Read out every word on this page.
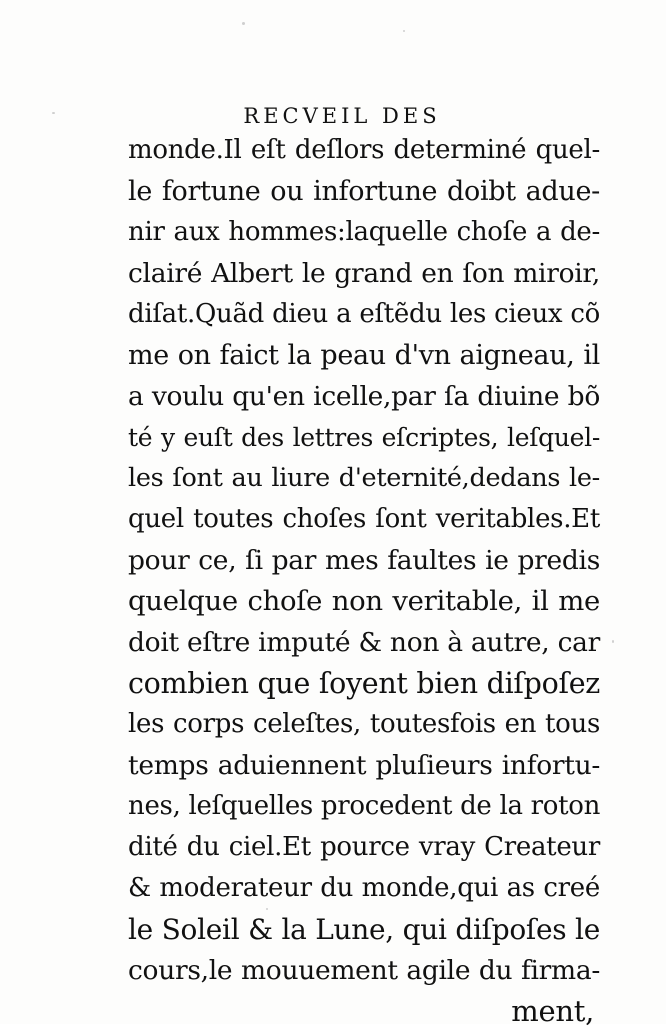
RECVEIL DES
monde.Il eſt deſlors determiné quel-
le fortune ou infortune doibt aduе-
nir aux hommes:laquelle choſe a de-
clairé Albert le grand en ſon miroir,
diſat.Quãd dieu a eſtẽdu les cieux cõ
me on faict la peau d'vn aigneau, il
a voulu qu'en icelle,par ſa diuine bõ
té y euſt des lettres eſcriptes, leſquel-
les ſont au liure d'eternité,dedans le-
quel toutes choſes ſont veritables.Et
pour ce, ſi par mes faultes ie predis
quelque choſe non veritable, il me
doit eſtre imputé & non à autre, car
combien que ſoyent bien diſpoſez
les corps celeſtes, toutesfois en tous
temps aduiennent pluſieurs infortu-
nes, leſquelles procedent de la roton
dité du ciel.Et pource vray Createur
& moderateur du monde,qui as creé
le Soleil & la Lune, qui diſpoſes le
cours,le mouuement agile du firma-
ment,
